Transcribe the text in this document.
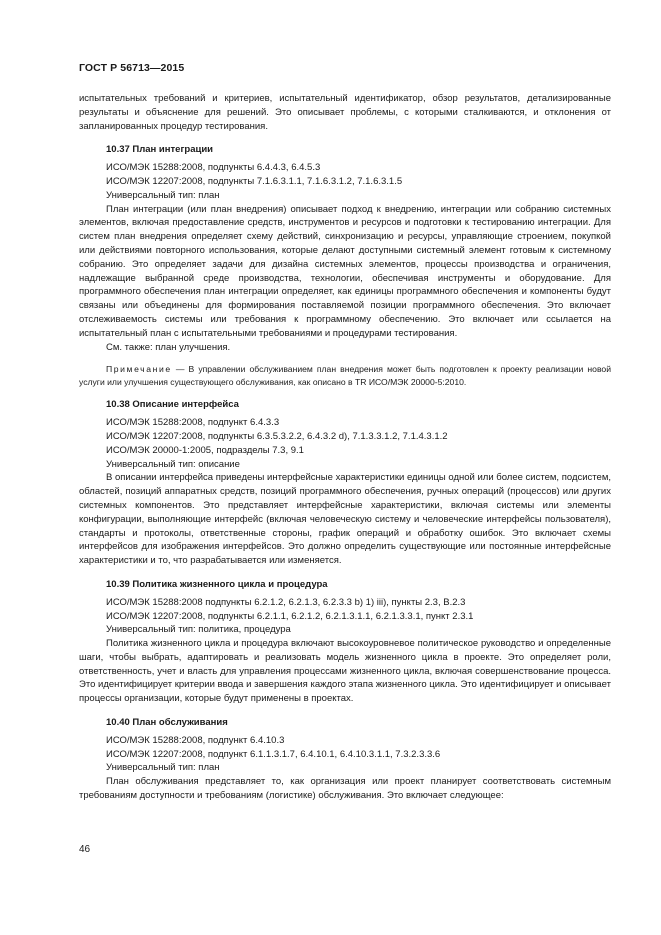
ГОСТ Р 56713—2015

испытательных требований и критериев, испытательный идентификатор, обзор результатов, детализированные результаты и объяснение для решений. Это описывает проблемы, с которыми сталкиваются, и отклонения от запланированных процедур тестирования.

10.37 План интеграции

ИСО/МЭК 15288:2008, подпункты 6.4.4.3, 6.4.5.3

ИСО/МЭК 12207:2008, подпункты 7.1.6.3.1.1, 7.1.6.3.1.2, 7.1.6.3.1.5

Универсальный тип: план

План интеграции (или план внедрения) описывает подход к внедрению, интеграции или собранию системных элементов, включая предоставление средств, инструментов и ресурсов и подготовки к тестированию интеграции. Для систем план внедрения определяет схему действий, синхронизацию и ресурсы, управляющие строением, покупкой или действиями повторного использования, которые делают доступными системный элемент готовым к системному собранию. Это определяет задачи для дизайна системных элементов, процессы производства и ограничения, надлежащие выбранной среде производства, технологии, обеспечивая инструменты и оборудование. Для программного обеспечения план интеграции определяет, как единицы программного обеспечения и компоненты будут связаны или объединены для формирования поставляемой позиции программного обеспечения. Это включает отслеживаемость системы или требования к программному обеспечению. Это включает или ссылается на испытательный план с испытательными требованиями и процедурами тестирования.

См. также: план улучшения.

Примечание — В управлении обслуживанием план внедрения может быть подготовлен к проекту реализации новой услуги или улучшения существующего обслуживания, как описано в TR ИСО/МЭК 20000-5:2010.

10.38 Описание интерфейса

ИСО/МЭК 15288:2008, подпункт 6.4.3.3

ИСО/МЭК 12207:2008, подпункты 6.3.5.3.2.2, 6.4.3.2 d), 7.1.3.3.1.2, 7.1.4.3.1.2

ИСО/МЭК 20000-1:2005, подразделы 7.3, 9.1

Универсальный тип: описание

В описании интерфейса приведены интерфейсные характеристики единицы одной или более систем, подсистем, областей, позиций аппаратных средств, позиций программного обеспечения, ручных операций (процессов) или других системных компонентов. Это представляет интерфейсные характеристики, включая системы или элементы конфигурации, выполняющие интерфейс (включая человеческую систему и человеческие интерфейсы пользователя), стандарты и протоколы, ответственные стороны, график операций и обработку ошибок. Это включает схемы интерфейсов для изображения интерфейсов. Это должно определить существующие или постоянные интерфейсные характеристики и то, что разрабатывается или изменяется.

10.39 Политика жизненного цикла и процедура

ИСО/МЭК 15288:2008 подпункты 6.2.1.2, 6.2.1.3, 6.2.3.3 b) 1) iii), пункты 2.3, В.2.3

ИСО/МЭК 12207:2008, подпункты 6.2.1.1, 6.2.1.2, 6.2.1.3.1.1, 6.2.1.3.3.1, пункт 2.3.1

Универсальный тип: политика, процедура

Политика жизненного цикла и процедура включают высокоуровневое политическое руководство и определенные шаги, чтобы выбрать, адаптировать и реализовать модель жизненного цикла в проекте. Это определяет роли, ответственность, учет и власть для управления процессами жизненного цикла, включая совершенствование процесса. Это идентифицирует критерии ввода и завершения каждого этапа жизненного цикла. Это идентифицирует и описывает процессы организации, которые будут применены в проектах.

10.40 План обслуживания

ИСО/МЭК 15288:2008, подпункт 6.4.10.3

ИСО/МЭК 12207:2008, подпункт 6.1.1.3.1.7, 6.4.10.1, 6.4.10.3.1.1, 7.3.2.3.3.6

Универсальный тип: план

План обслуживания представляет то, как организация или проект планирует соответствовать системным требованиям доступности и требованиям (логистике) обслуживания. Это включает следующее:

46
